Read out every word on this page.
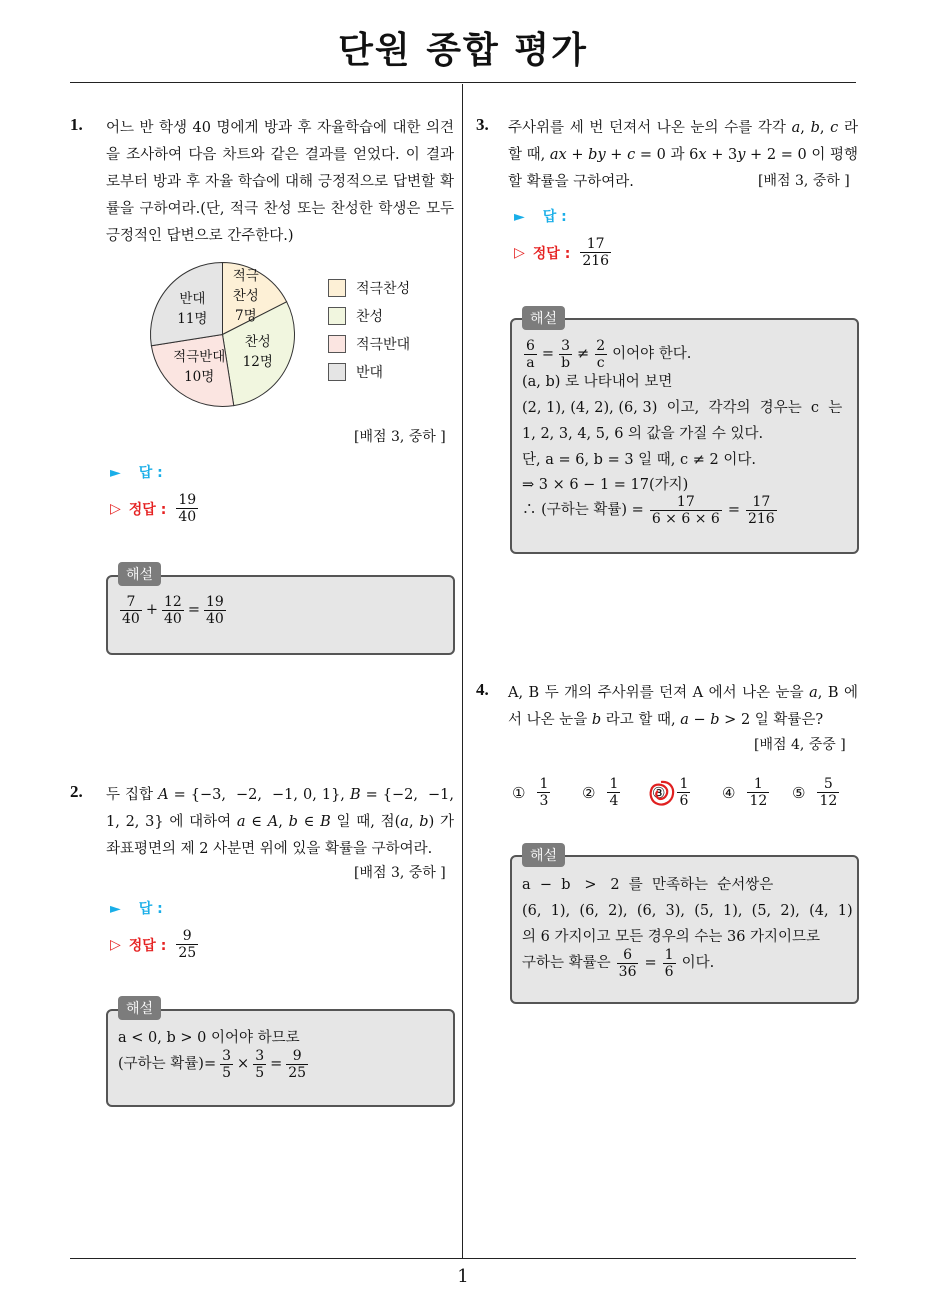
단원 종합 평가
1
1. 어느 반 학생 40 명에게 방과 후 자율학습에 대한 의견을 조사하여 다음 차트와 같은 결과를 얻었다. 이 결과로부터 방과 후 자율 학습에 대해 긍정적으로 답변할 확률을 구하여라.(단, 적극 찬성 또는 찬성한 학생은 모두 긍정적인 답변으로 간주한다.)
적극
찬성
7명
찬성
12명
적극반대
10명
반대
11명
적극찬성
찬성
적극반대
반대
[배점 3, 중하 ]
► 답 :
▷ 정답 : $\frac{19}{40}$
해설
$\frac{7}{40} + \frac{12}{40} = \frac{19}{40}$
2. 두 집합 A = {−3,  −2,  −1, 0, 1}, B = {−2,  −1, 1, 2, 3} 에 대하여 a ∈ A, b ∈ B 일 때, 점(a, b) 가 좌표평면의 제 2 사분면 위에 있을 확률을 구하여라.
[배점 3, 중하 ]
► 답 :
▷ 정답 : $\frac{9}{25}$
해설
a < 0, b > 0 이어야 하므로
(구하는 확률)= $\frac{3}{5} \times \frac{3}{5} = \frac{9}{25}$
3. 주사위를 세 번 던져서 나온 눈의 수를 각각 a, b, c 라 할 때, ax + by + c = 0 과 6x + 3y + 2 = 0 이 평행할 확률을 구하여라.	[배점 3, 중하 ]
► 답 :
▷ 정답 : $\frac{17}{216}$
해설
$\frac{6}{a} = \frac{3}{b} \ne \frac{2}{c}$ 이어야 한다.
(a, b) 로 나타내어 보면
(2, 1), (4, 2), (6, 3)  이고,  각각의  경우는  c  는
1, 2, 3, 4, 5, 6 의 값을 가질 수 있다.
단, a = 6, b = 3 일 때, c ≠ 2 이다.
⇒ 3 × 6 − 1 = 17(가지)
∴ (구하는 확률) = $\frac{17}{6 \times 6 \times 6} = \frac{17}{216}$
4. A, B 두 개의 주사위를 던져 A 에서 나온 눈을 a, B 에서 나온 눈을 b 라고 할 때, a − b > 2 일 확률은?
[배점 4, 중중 ]
① $\frac{1}{3}$ ② $\frac{1}{4}$ ③ $\frac{1}{6}$ ④ $\frac{1}{12}$ ⑤ $\frac{5}{12}$
해설
a  −  b   >   2  를  만족하는  순서쌍은
(6,  1),  (6,  2),  (6,  3),  (5,  1),  (5,  2),  (4,  1)
의 6 가지이고 모든 경우의 수는 36 가지이므로
구하는 확률은 $\frac{6}{36} = \frac{1}{6}$ 이다.
